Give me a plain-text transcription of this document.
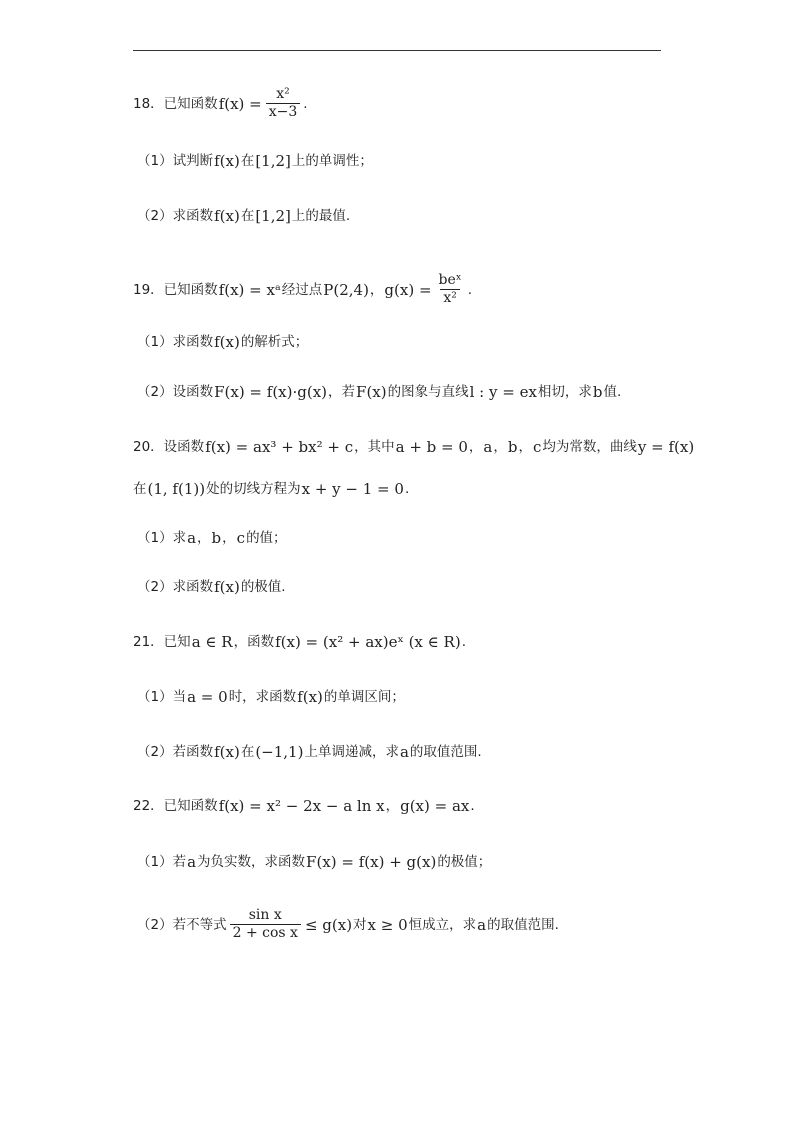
18．已知函数 $f(x) = \frac{\text{x²}}{x-3}$ .
（1）试判断 f(x) 在 [1,2] 上的单调性；
（2）求函数 f(x) 在 [1,2] 上的最值.
19．已知函数 f(x) = xᵃ 经过点 P(2,4) ， $g(x) = \frac{\text{beˣ}}{\text{x²}}$ .
（1）求函数 f(x) 的解析式；
（2）设函数 F(x) = f(x)·g(x) ，若 F(x) 的图象与直线 l : y = ex 相切，求 b 值.
20．设函数 f(x) = ax³ + bx² + c ，其中 a + b = 0 ， a ， b ， c 均为常数，曲线 y = f(x)
在 (1, f(1)) 处的切线方程为 x + y − 1 = 0 .
（1）求 a ， b ， c 的值；
（2）求函数 f(x) 的极值.
21．已知 a ∈ R ，函数 f(x) = (x² + ax)eˣ (x ∈ R) .
（1）当 a = 0 时，求函数 f(x) 的单调区间；
（2）若函数 f(x) 在 (−1,1) 上单调递减，求 a 的取值范围.
22．已知函数 f(x) = x² − 2x − a ln x ， g(x) = ax .
（1）若 a 为负实数，求函数 F(x) = f(x) + g(x) 的极值；
（2）若不等式 $\frac{\text{sin x}}{\text{2 + cos x}} \le g(x)$ 对 x ≥ 0 恒成立，求 a 的取值范围.
